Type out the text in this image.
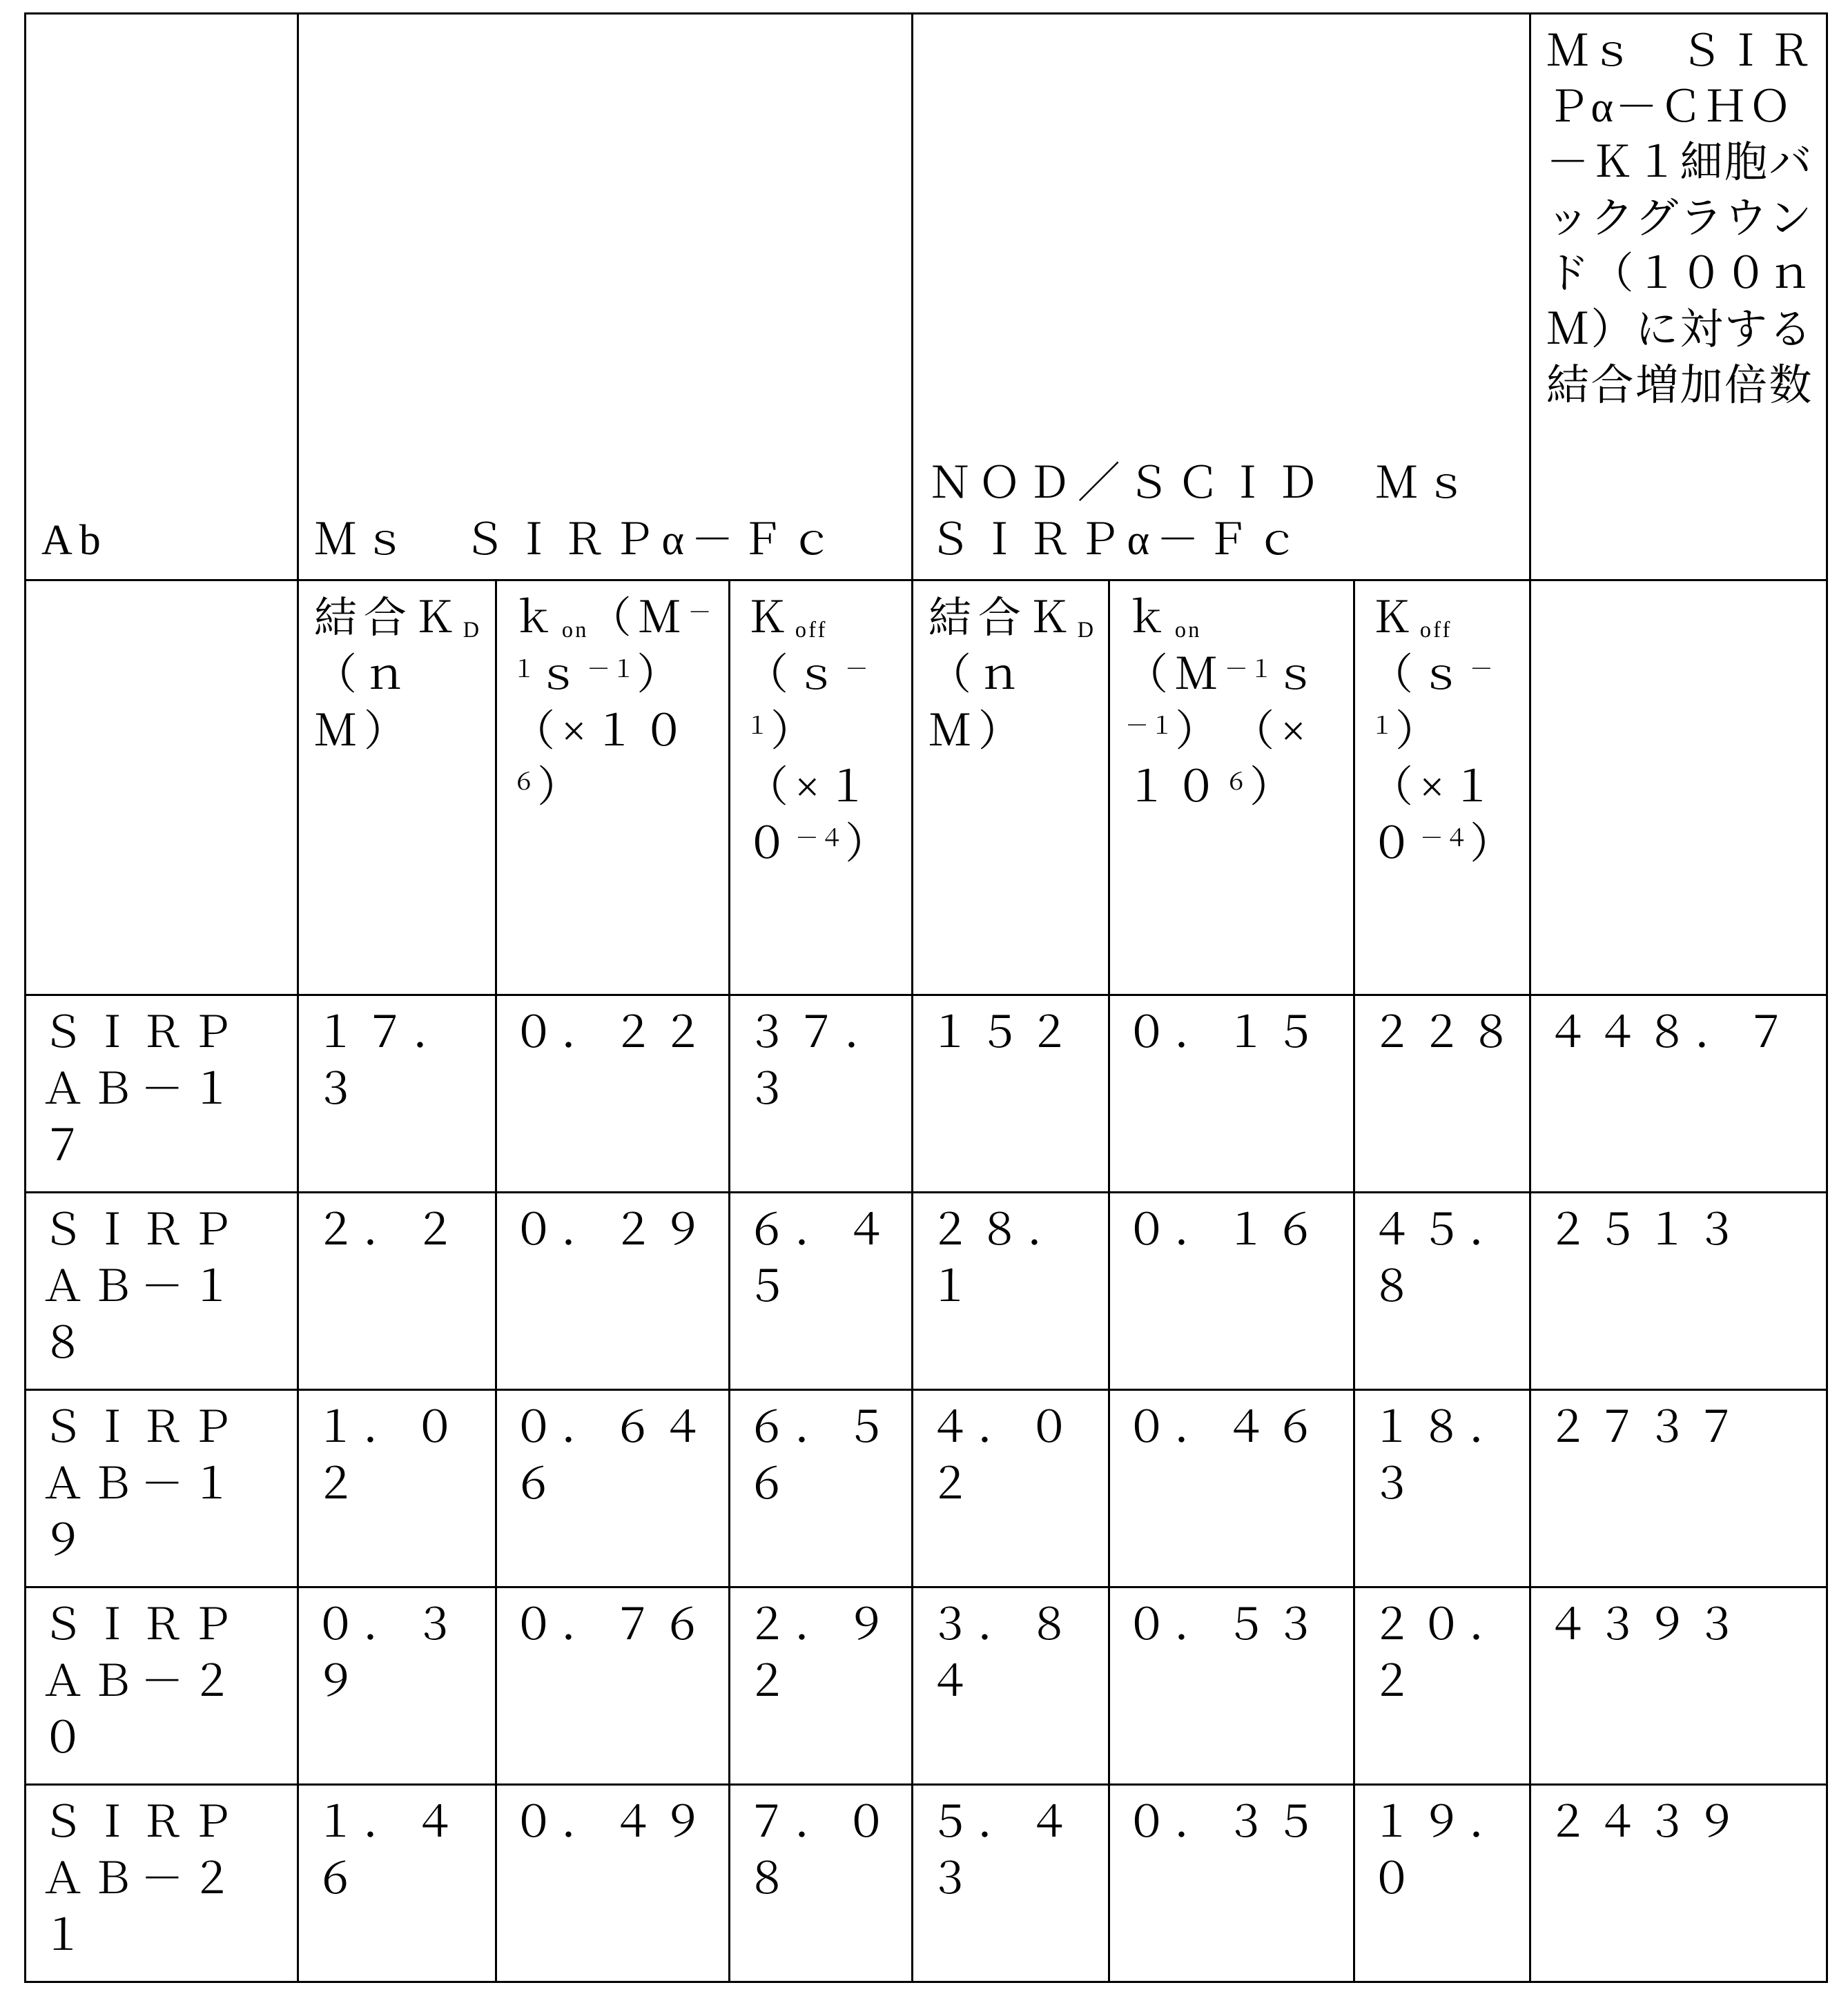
Ab	Ｍｓ　ＳＩＲＰα－Ｆｃ			ＮＯＤ／ＳＣＩＤ　Ｍｓ　ＳＩＲＰα－Ｆｃ			Ｍｓ　ＳＩＲＰα－ＣＨＯ－Ｋ１細胞バックグラウンド（１００ｎＭ）に対する結合増加倍数
	結合Ｋ$_D$（ｎＭ）	ｋ$_{on}$（Ｍ$^{-1}$ｓ$^{-1}$）　$(\times 10^6)$	Ｋ$_{off}$（ｓ$^{-1}$）　$(\times 10^{-4})$	結合Ｋ$_D$（ｎＭ）	ｋ$_{on}$（Ｍ$^{-1}$ｓ$^{-1}$）　$(\times 10^6)$	Ｋ$_{off}$（ｓ$^{-1}$）　$(\times 10^{-4})$	
ＳＩＲＰＡＢ－１７	１７．３	０．２２	３７．３	１５２	０．１５	２２８	４４８．７
ＳＩＲＰＡＢ－１８	２．２	０．２９	６．４５	２８．１	０．１６	４５．８	２５１３
ＳＩＲＰＡＢ－１９	１．０２	０．６４６	６．５６	４．０２	０．４６	１８．３	２７３７
ＳＩＲＰＡＢ－２０	０．３９	０．７６	２．９２	３．８４	０．５３	２０．２	４３９３
ＳＩＲＰＡＢ－２１	１．４６	０．４９	７．０８	５．４３	０．３５	１９．０	２４３９
